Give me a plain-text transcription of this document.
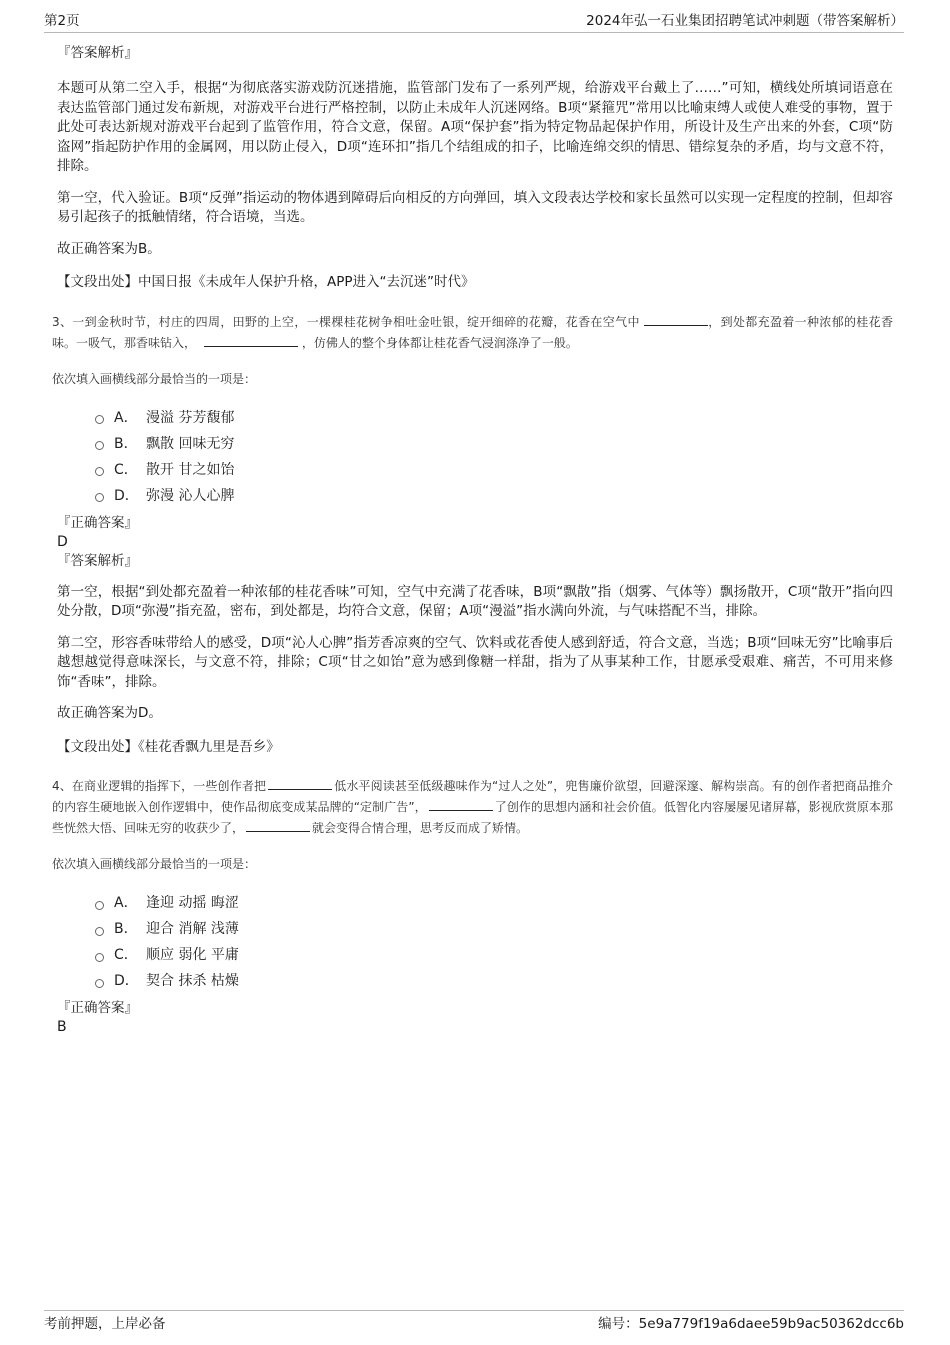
第2页	2024年弘一石业集团招聘笔试冲刺题（带答案解析）

『答案解析』

本题可从第二空入手，根据“为彻底落实游戏防沉迷措施，监管部门发布了一系列严规，给游戏平台戴上了……”可知，横线处所填词语意在表达监管部门通过发布新规，对游戏平台进行严格控制，以防止未成年人沉迷网络。B项“紧箍咒”常用以比喻束缚人或使人难受的事物，置于此处可表达新规对游戏平台起到了监管作用，符合文意，保留。A项“保护套”指为特定物品起保护作用，所设计及生产出来的外套，C项“防盗网”指起防护作用的金属网，用以防止侵入，D项“连环扣”指几个结组成的扣子，比喻连绵交织的情思、错综复杂的矛盾，均与文意不符，排除。

第一空，代入验证。B项“反弹”指运动的物体遇到障碍后向相反的方向弹回，填入文段表达学校和家长虽然可以实现一定程度的控制，但却容易引起孩子的抵触情绪，符合语境，当选。

故正确答案为B。

【文段出处】中国日报《未成年人保护升格，APP进入“去沉迷”时代》

3、一到金秋时节，村庄的四周，田野的上空，一棵棵桂花树争相吐金吐银，绽开细碎的花瓣，花香在空气中	，到处都充盈着一种浓郁的桂花香味。一吸气，那香味钻入，	，仿佛人的整个身体都让桂花香气浸润涤净了一般。

依次填入画横线部分最恰当的一项是：

A． 漫溢 芬芳馥郁
B． 飘散 回味无穷
C． 散开 甘之如饴
D． 弥漫 沁人心脾

『正确答案』

D

『答案解析』

第一空，根据“到处都充盈着一种浓郁的桂花香味”可知，空气中充满了花香味，B项“飘散”指（烟雾、气体等）飘扬散开，C项“散开”指向四处分散，D项“弥漫”指充盈，密布，到处都是，均符合文意，保留；A项“漫溢”指水满向外流，与气味搭配不当，排除。

第二空，形容香味带给人的感受，D项“沁人心脾”指芳香凉爽的空气、饮料或花香使人感到舒适，符合文意，当选；B项“回味无穷”比喻事后越想越觉得意味深长，与文意不符，排除；C项“甘之如饴”意为感到像糖一样甜，指为了从事某种工作，甘愿承受艰难、痛苦，不可用来修饰“香味”，排除。

故正确答案为D。

【文段出处】《桂花香飘九里是吾乡》

4、在商业逻辑的指挥下，一些创作者把	低水平阅读甚至低级趣味作为“过人之处”，兜售廉价欲望，回避深邃、解构崇高。有的创作者把商品推介的内容生硬地嵌入创作逻辑中，使作品彻底变成某品牌的“定制广告”，	了创作的思想内涵和社会价值。低智化内容屡屡见诸屏幕，影视欣赏原本那些恍然大悟、回味无穷的收获少了，	就会变得合情合理，思考反而成了矫情。

依次填入画横线部分最恰当的一项是：

A． 逢迎 动摇 晦涩
B． 迎合 消解 浅薄
C． 顺应 弱化 平庸
D． 契合 抹杀 枯燥

『正确答案』

B

考前押题，上岸必备	编号：5e9a779f19a6daee59b9ac50362dcc6b
